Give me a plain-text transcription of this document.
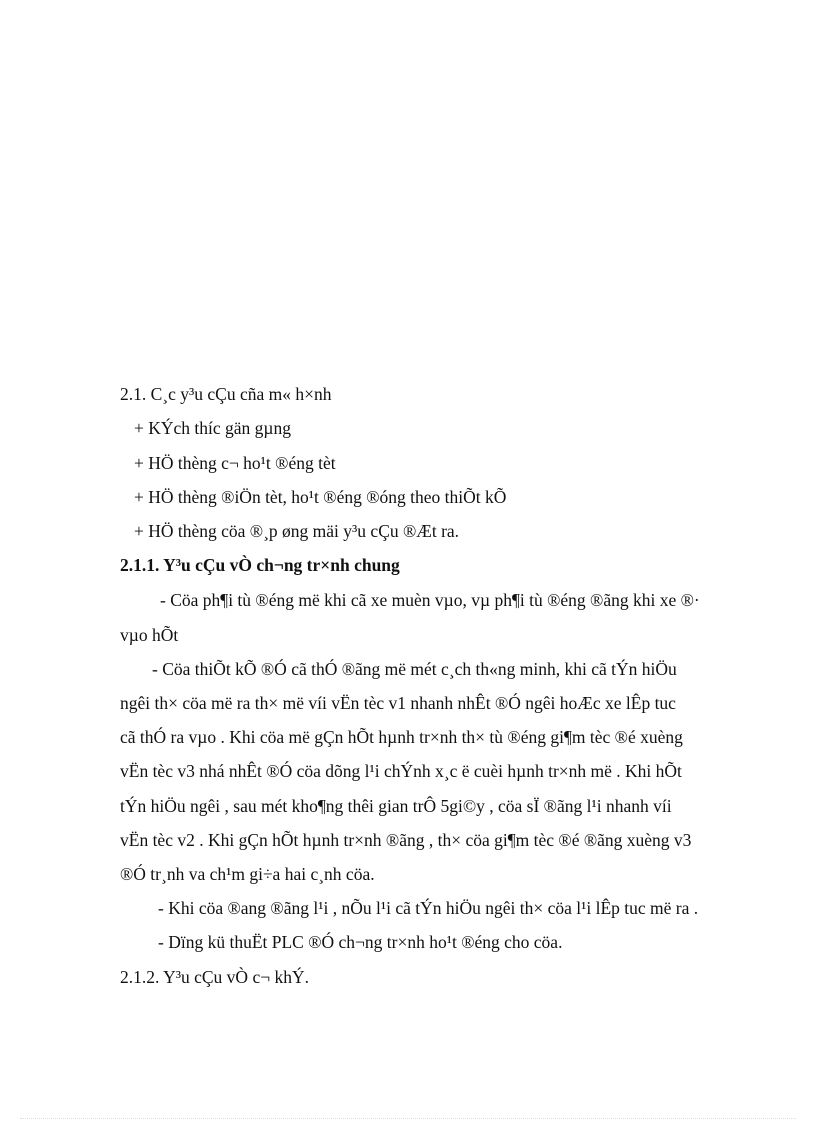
2.1. C¸c y³u cÇu cña m« h×nh
+ KÝch thíc gän gµng
+ HÖ thèng c¬ ho¹t ®éng tèt
+ HÖ thèng ®iÖn tèt, ho¹t ®éng ®óng theo thiÕt kÕ
+ HÖ thèng cöa ®¸p øng mäi y³u cÇu ®Æt ra.
2.1.1. Y³u cÇu vÒ ch¬ng tr×nh chung
- Cöa ph¶i tù ®éng më khi cã xe muèn vµo, vµ ph¶i tù ®éng ®ãng khi xe ®·
vµo hÕt
- Cöa thiÕt kÕ ®Ó cã thÓ ®ãng më mét c¸ch th«ng minh, khi cã tÝn hiÖu
ngêi th× cöa më ra th× më víi vËn tèc v1 nhanh nhÊt ®Ó ngêi hoÆc xe lÊp tuc
cã thÓ ra vµo . Khi cöa më gÇn hÕt hµnh tr×nh th× tù ®éng gi¶m tèc ®é xuèng
vËn tèc v3 nhá nhÊt ®Ó cöa dõng l¹i chÝnh x¸c ë cuèi hµnh tr×nh më . Khi hÕt
tÝn hiÖu ngêi , sau mét kho¶ng thêi gian trÔ 5gi©y , cöa sÏ ®ãng l¹i nhanh víi
vËn tèc v2 . Khi gÇn hÕt hµnh tr×nh ®ãng , th× cöa gi¶m tèc ®é ®ãng xuèng v3
®Ó tr¸nh va ch¹m gi÷a hai c¸nh cöa.
- Khi cöa ®ang ®ãng l¹i , nÕu l¹i cã tÝn hiÖu ngêi th× cöa l¹i lÊp tuc më ra .
- Dïng kü thuËt PLC ®Ó ch¬ng tr×nh ho¹t ®éng cho cöa.
2.1.2. Y³u cÇu vÒ c¬ khÝ.
